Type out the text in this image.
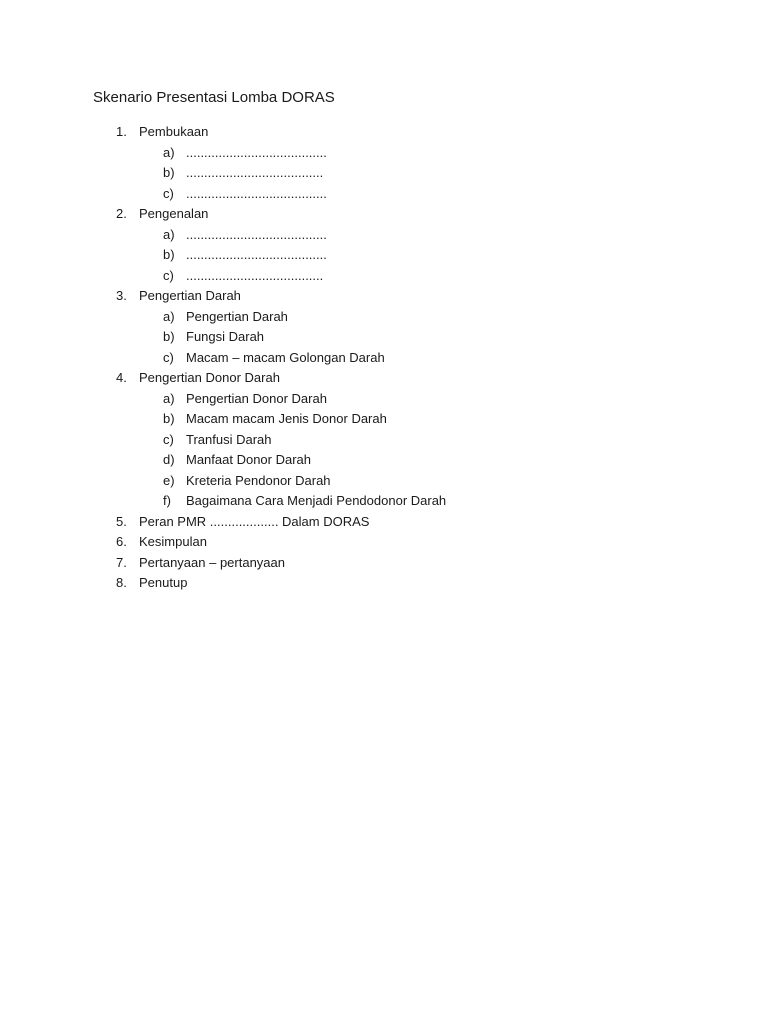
Skenario Presentasi Lomba DORAS
1. Pembukaan
a) .......................................
b) ......................................
c) .......................................
2. Pengenalan
a) .......................................
b) .......................................
c) ......................................
3. Pengertian Darah
a) Pengertian Darah
b) Fungsi Darah
c) Macam – macam Golongan Darah
4. Pengertian Donor Darah
a) Pengertian Donor Darah
b) Macam macam Jenis Donor Darah
c) Tranfusi Darah
d) Manfaat Donor Darah
e) Kreteria Pendonor Darah
f) Bagaimana Cara Menjadi Pendodonor Darah
5. Peran PMR ................... Dalam DORAS
6. Kesimpulan
7. Pertanyaan – pertanyaan
8. Penutup
